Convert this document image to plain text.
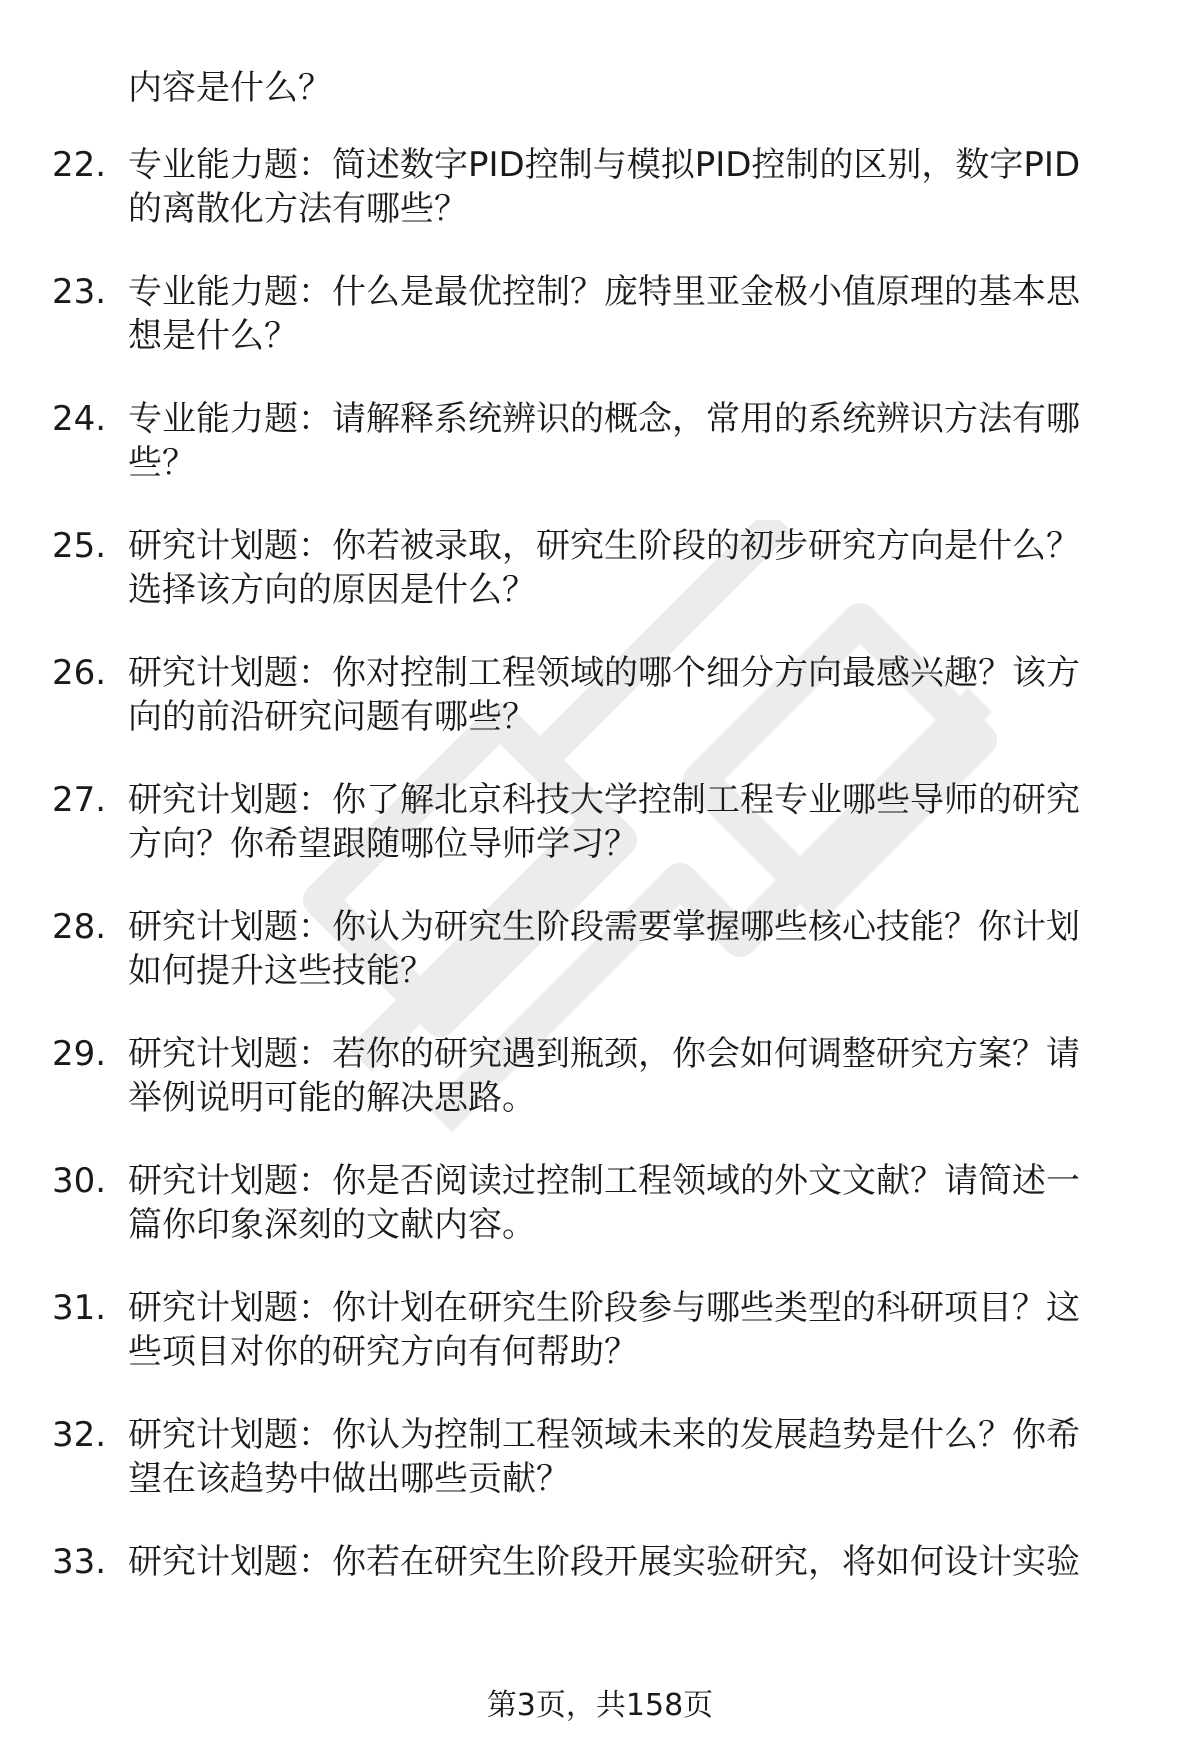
内容是什么？

22. 专业能力题：简述数字PID控制与模拟PID控制的区别，数字PID
的离散化方法有哪些？
23. 专业能力题：什么是最优控制？庞特里亚金极小值原理的基本思
想是什么？
24. 专业能力题：请解释系统辨识的概念，常用的系统辨识方法有哪
些？
25. 研究计划题：你若被录取，研究生阶段的初步研究方向是什么？
选择该方向的原因是什么？
26. 研究计划题：你对控制工程领域的哪个细分方向最感兴趣？该方
向的前沿研究问题有哪些？
27. 研究计划题：你了解北京科技大学控制工程专业哪些导师的研究
方向？你希望跟随哪位导师学习？
28. 研究计划题：你认为研究生阶段需要掌握哪些核心技能？你计划
如何提升这些技能？
29. 研究计划题：若你的研究遇到瓶颈，你会如何调整研究方案？请
举例说明可能的解决思路。
30. 研究计划题：你是否阅读过控制工程领域的外文文献？请简述一
篇你印象深刻的文献内容。
31. 研究计划题：你计划在研究生阶段参与哪些类型的科研项目？这
些项目对你的研究方向有何帮助？
32. 研究计划题：你认为控制工程领域未来的发展趋势是什么？你希
望在该趋势中做出哪些贡献？
33. 研究计划题：你若在研究生阶段开展实验研究，将如何设计实验
第3页，共158页
